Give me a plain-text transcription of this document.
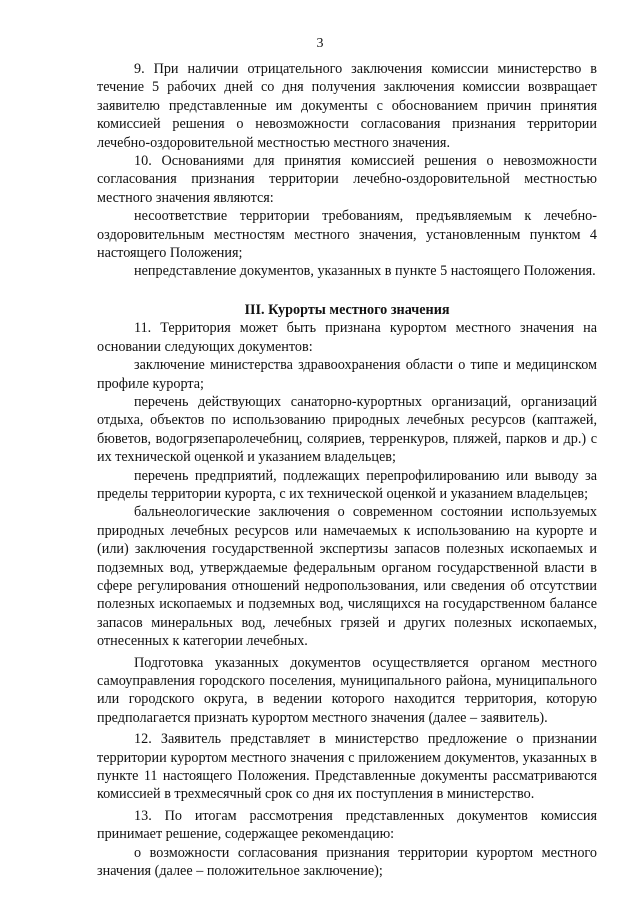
3

9. При наличии отрицательного заключения комиссии министерство в течение 5 рабочих дней со дня получения заключения комиссии возвращает заявителю представленные им документы с обоснованием причин принятия комиссией решения о невозможности согласования признания территории лечебно-оздоровительной местностью местного значения.

10. Основаниями для принятия комиссией решения о невозможности согласования признания территории лечебно-оздоровительной местностью местного значения являются:

несоответствие территории требованиям, предъявляемым к лечебно-оздоровительным местностям местного значения, установленным пунктом 4 настоящего Положения;

непредставление документов, указанных в пункте 5 настоящего Положения.

III. Курорты местного значения

11. Территория может быть признана курортом местного значения на основании следующих документов:

заключение министерства здравоохранения области о типе и медицинском профиле курорта;

перечень действующих санаторно-курортных организаций, организаций отдыха, объектов по использованию природных лечебных ресурсов (каптажей, бюветов, водогрязепаролечебниц, соляриев, терренкуров, пляжей, парков и др.) с их технической оценкой и указанием владельцев;

перечень предприятий, подлежащих перепрофилированию или выводу за пределы территории курорта, с их технической оценкой и указанием владельцев;

бальнеологические заключения о современном состоянии используемых природных лечебных ресурсов или намечаемых к использованию на курорте и (или) заключения государственной экспертизы запасов полезных ископаемых и подземных вод, утверждаемые федеральным органом государственной власти в сфере регулирования отношений недропользования, или сведения об отсутствии полезных ископаемых и подземных вод, числящихся на государственном балансе запасов минеральных вод, лечебных грязей и других полезных ископаемых, отнесенных к категории лечебных.

Подготовка указанных документов осуществляется органом местного самоуправления городского поселения, муниципального района, муниципального или городского округа, в ведении которого находится территория, которую предполагается признать курортом местного значения (далее – заявитель).

12. Заявитель представляет в министерство предложение о признании территории курортом местного значения с приложением документов, указанных в пункте 11 настоящего Положения. Представленные документы рассматриваются комиссией в трехмесячный срок со дня их поступления в министерство.

13. По итогам рассмотрения представленных документов комиссия принимает решение, содержащее рекомендацию:

о возможности согласования признания территории курортом местного значения (далее – положительное заключение);
